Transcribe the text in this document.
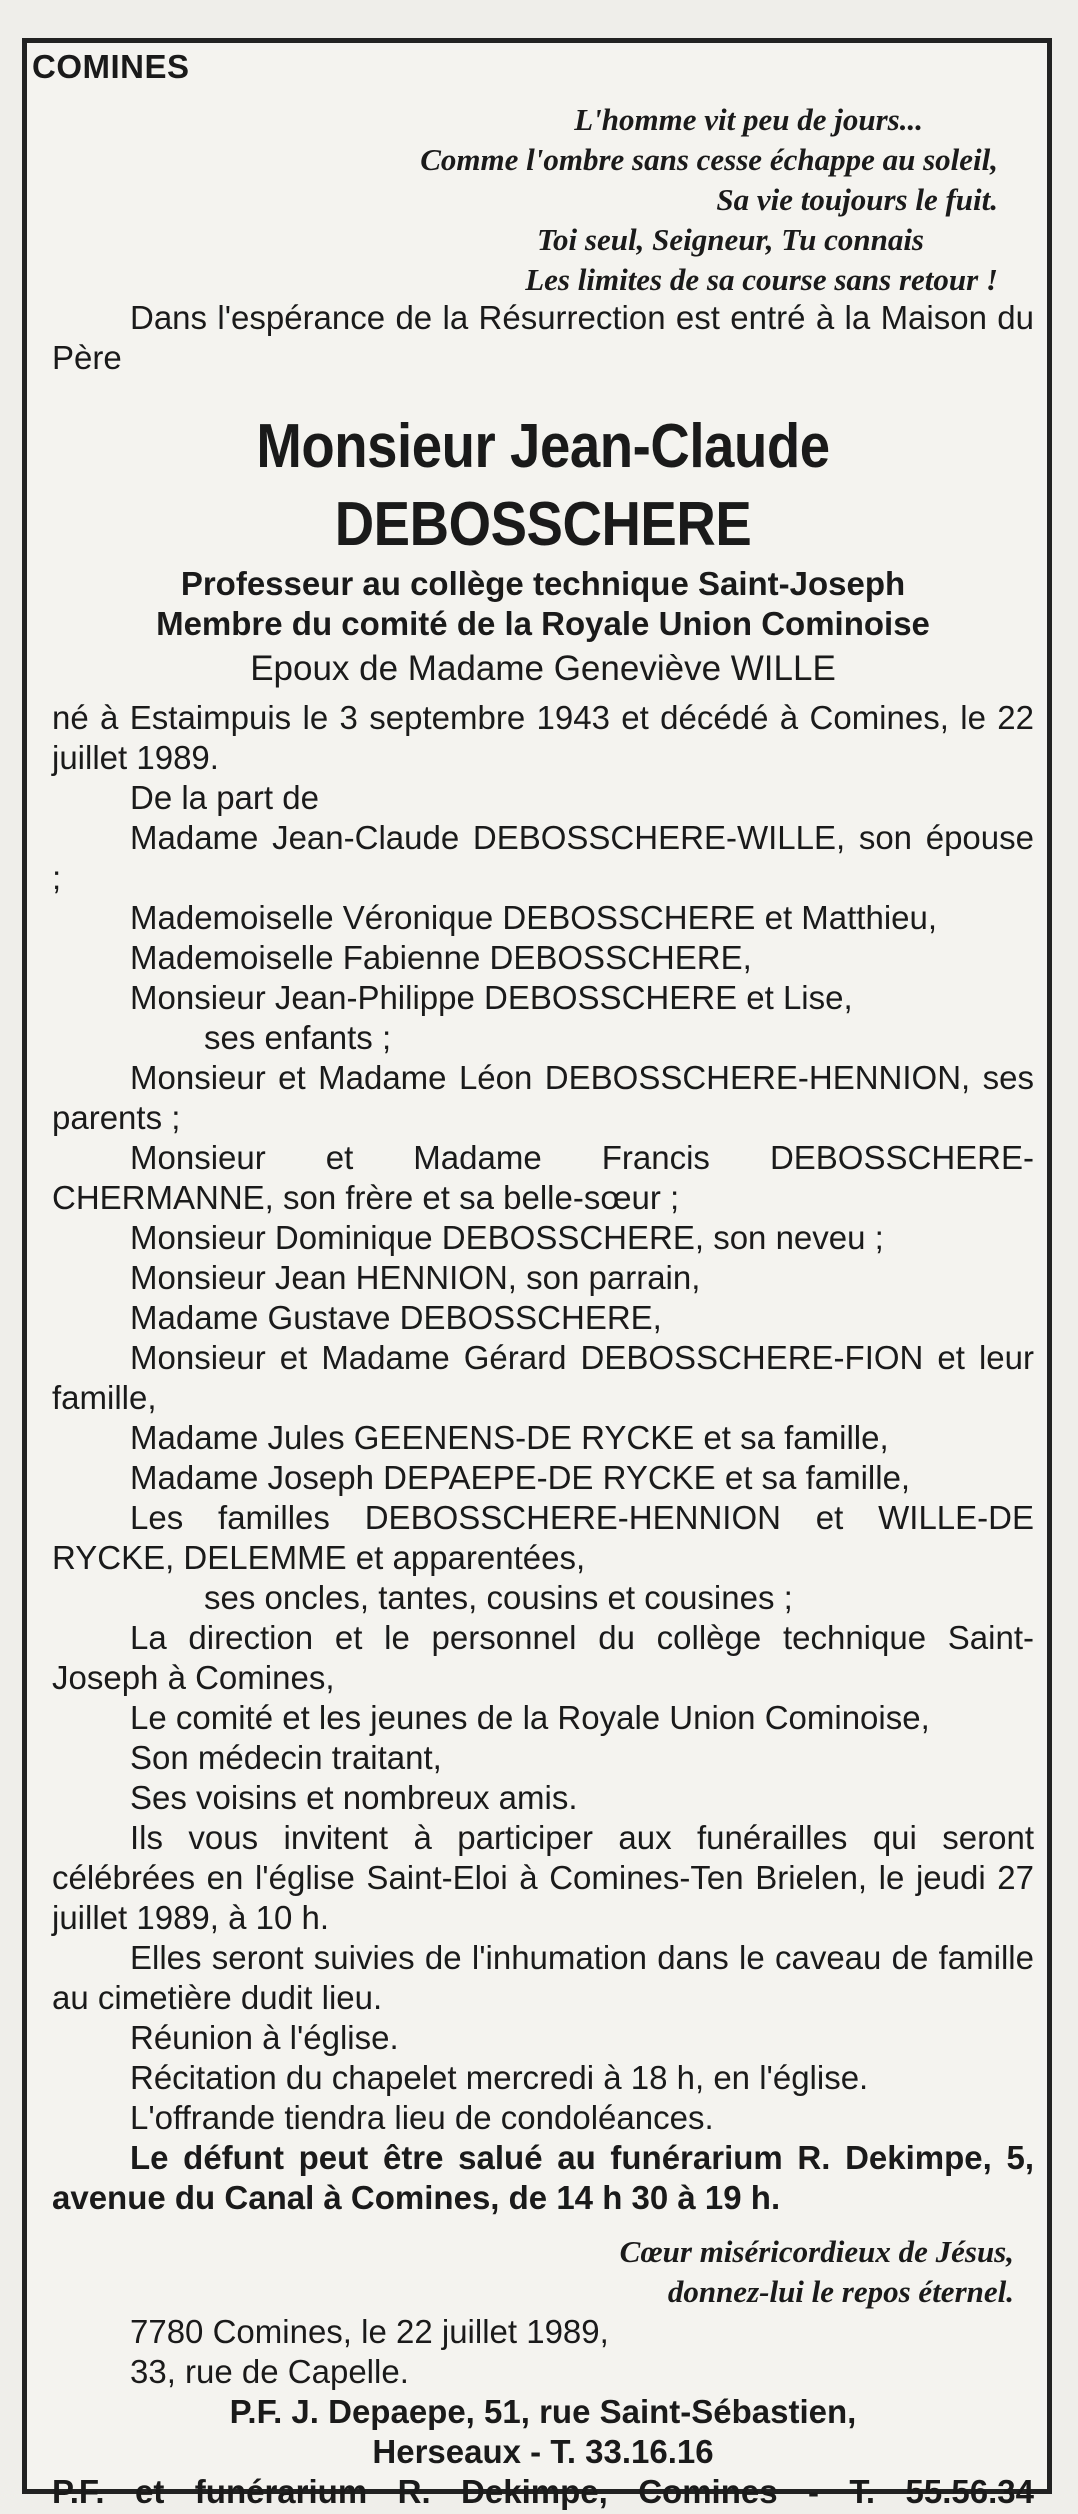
COMINES
L'homme vit peu de jours...
Comme l'ombre sans cesse échappe au soleil,
Sa vie toujours le fuit.
Toi seul, Seigneur, Tu connais
Les limites de sa course sans retour !
Dans l'espérance de la Résurrection est entré à la Maison du Père
Monsieur Jean-Claude DEBOSSCHERE
Professeur au collège technique Saint-Joseph
Membre du comité de la Royale Union Cominoise
Epoux de Madame Geneviève WILLE
né à Estaimpuis le 3 septembre 1943 et décédé à Comines, le 22 juillet 1989.
De la part de
Madame Jean-Claude DEBOSSCHERE-WILLE, son épouse ;
Mademoiselle Véronique DEBOSSCHERE et Matthieu,
Mademoiselle Fabienne DEBOSSCHERE,
Monsieur Jean-Philippe DEBOSSCHERE et Lise,
ses enfants ;
Monsieur et Madame Léon DEBOSSCHERE-HENNION, ses parents ;
Monsieur et Madame Francis DEBOSSCHERE-CHERMANNE, son frère et sa belle-sœur ;
Monsieur Dominique DEBOSSCHERE, son neveu ;
Monsieur Jean HENNION, son parrain,
Madame Gustave DEBOSSCHERE,
Monsieur et Madame Gérard DEBOSSCHERE-FION et leur famille,
Madame Jules GEENENS-DE RYCKE et sa famille,
Madame Joseph DEPAEPE-DE RYCKE et sa famille,
Les familles DEBOSSCHERE-HENNION et WILLE-DE RYCKE, DELEMME et apparentées,
ses oncles, tantes, cousins et cousines ;
La direction et le personnel du collège technique Saint-Joseph à Comines,
Le comité et les jeunes de la Royale Union Cominoise,
Son médecin traitant,
Ses voisins et nombreux amis.
Ils vous invitent à participer aux funérailles qui seront célébrées en l'église Saint-Eloi à Comines-Ten Brielen, le jeudi 27 juillet 1989, à 10 h.
Elles seront suivies de l'inhumation dans le caveau de famille au cimetière dudit lieu.
Réunion à l'église.
Récitation du chapelet mercredi à 18 h, en l'église.
L'offrande tiendra lieu de condoléances.
Le défunt peut être salué au funérarium R. Dekimpe, 5, avenue du Canal à Comines, de 14 h 30 à 19 h.
Cœur miséricordieux de Jésus,
donnez-lui le repos éternel.
7780 Comines, le 22 juillet 1989,
33, rue de Capelle.
P.F. J. Depaepe, 51, rue Saint-Sébastien,
Herseaux - T. 33.16.16
P.F. et funérarium R. Dekimpe, Comines - T. 55.56.34
